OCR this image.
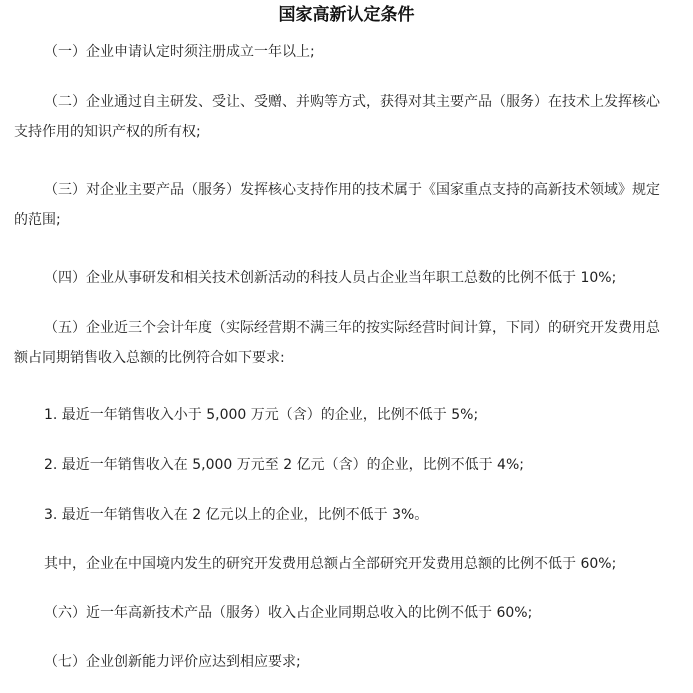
国家高新认定条件
（一）企业申请认定时须注册成立一年以上;
（二）企业通过自主研发、受让、受赠、并购等方式，获得对其主要产品（服务）在技术上发挥核心
支持作用的知识产权的所有权;
（三）对企业主要产品（服务）发挥核心支持作用的技术属于《国家重点支持的高新技术领域》规定
的范围;
（四）企业从事研发和相关技术创新活动的科技人员占企业当年职工总数的比例不低于 10%;
（五）企业近三个会计年度（实际经营期不满三年的按实际经营时间计算，下同）的研究开发费用总
额占同期销售收入总额的比例符合如下要求:
1. 最近一年销售收入小于 5,000 万元（含）的企业，比例不低于 5%;
2. 最近一年销售收入在 5,000 万元至 2 亿元（含）的企业，比例不低于 4%;
3. 最近一年销售收入在 2 亿元以上的企业，比例不低于 3%。
其中，企业在中国境内发生的研究开发费用总额占全部研究开发费用总额的比例不低于 60%;
（六）近一年高新技术产品（服务）收入占企业同期总收入的比例不低于 60%;
（七）企业创新能力评价应达到相应要求;
